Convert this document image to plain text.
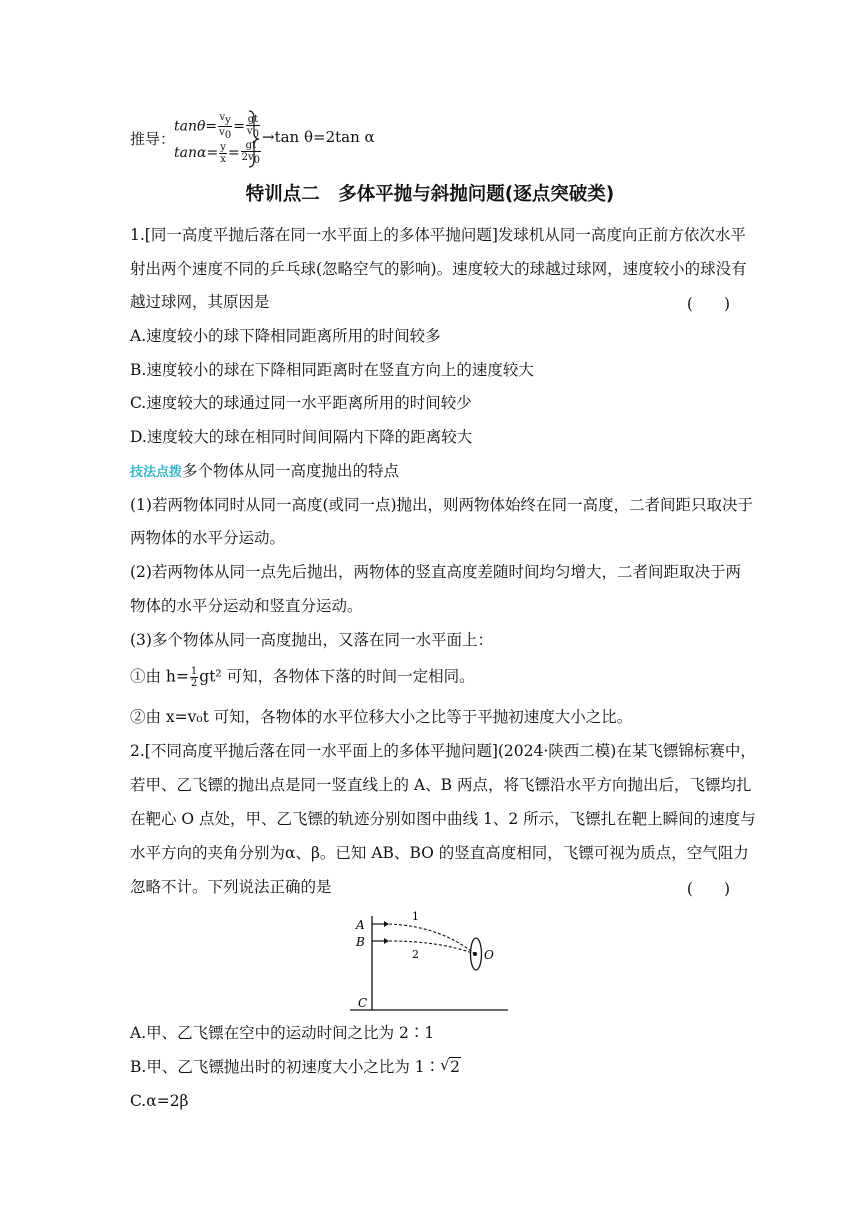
推导：
$\tan\theta= \frac{v_y}{v_0} = \frac{gt}{v_0}$
$\tan\alpha= \frac{y}{x} = \frac{gt}{2v_0}$
→tan θ=2tan α
特训点二　多体平抛与斜抛问题(逐点突破类)
1.[同一高度平抛后落在同一水平面上的多体平抛问题]发球机从同一高度向正前方依次水平
射出两个速度不同的乒乓球(忽略空气的影响)。速度较大的球越过球网，速度较小的球没有
越过球网，其原因是	(　　)
A.速度较小的球下降相同距离所用的时间较多
B.速度较小的球在下降相同距离时在竖直方向上的速度较大
C.速度较大的球通过同一水平距离所用的时间较少
D.速度较大的球在相同时间间隔内下降的距离较大
技法点拨多个物体从同一高度抛出的特点
(1)若两物体同时从同一高度(或同一点)抛出，则两物体始终在同一高度，二者间距只取决于
两物体的水平分运动。
(2)若两物体从同一点先后抛出，两物体的竖直高度差随时间均匀增大，二者间距取决于两
物体的水平分运动和竖直分运动。
(3)多个物体从同一高度抛出，又落在同一水平面上：
①由 $h= \frac{1}{2} gt^2$ 可知，各物体下落的时间一定相同。
②由 x=v₀t 可知，各物体的水平位移大小之比等于平抛初速度大小之比。
2.[不同高度平抛后落在同一水平面上的多体平抛问题](2024·陕西二模)在某飞镖锦标赛中，
若甲、乙飞镖的抛出点是同一竖直线上的 A、B 两点，将飞镖沿水平方向抛出后，飞镖均扎
在靶心 O 点处，甲、乙飞镖的轨迹分别如图中曲线 1、2 所示，飞镖扎在靶上瞬间的速度与
水平方向的夹角分别为α、β。已知 AB、BO 的竖直高度相同，飞镖可视为质点，空气阻力
忽略不计。下列说法正确的是	(　　)
A
B
C
O
1
2
A.甲、乙飞镖在空中的运动时间之比为 2∶1
B.甲、乙飞镖抛出时的初速度大小之比为 1∶ √ 2
C.α=2β
